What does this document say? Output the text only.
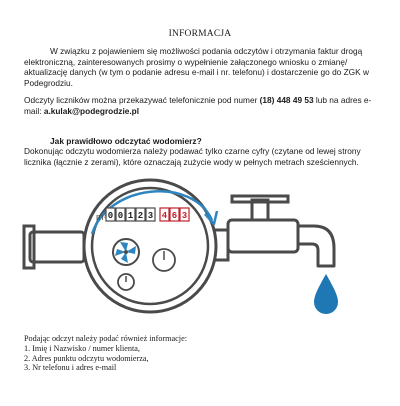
INFORMACJA
W związku z pojawieniem się możliwości podania odczytów i otrzymania faktur drogą elektroniczną, zainteresowanych prosimy o wypełnienie załączonego wniosku o zmianę/ aktualizację danych (w tym o podanie adresu e-mail i nr. telefonu) i dostarczenie go do ZGK w Podegrodziu.
Odczyty liczników można przekazywać telefonicznie pod numer (18) 448 49 53 lub na adres e-mail: a.kulak@podegrodzie.pl
Jak prawidłowo odczytać wodomierz?
Dokonując odczytu wodomierza należy podawać tylko czarne cyfry (czytane od lewej strony licznika (łącznie z zerami), które oznaczają zużycie wody w pełnych metrach sześciennych.
m³ 0 0 1 2 3 4 6 3
Podając odczyt należy podać również informacje:
1. Imię i Nazwisko / numer klienta,
2. Adres punktu odczytu wodomierza,
3. Nr telefonu i adres e-mail
